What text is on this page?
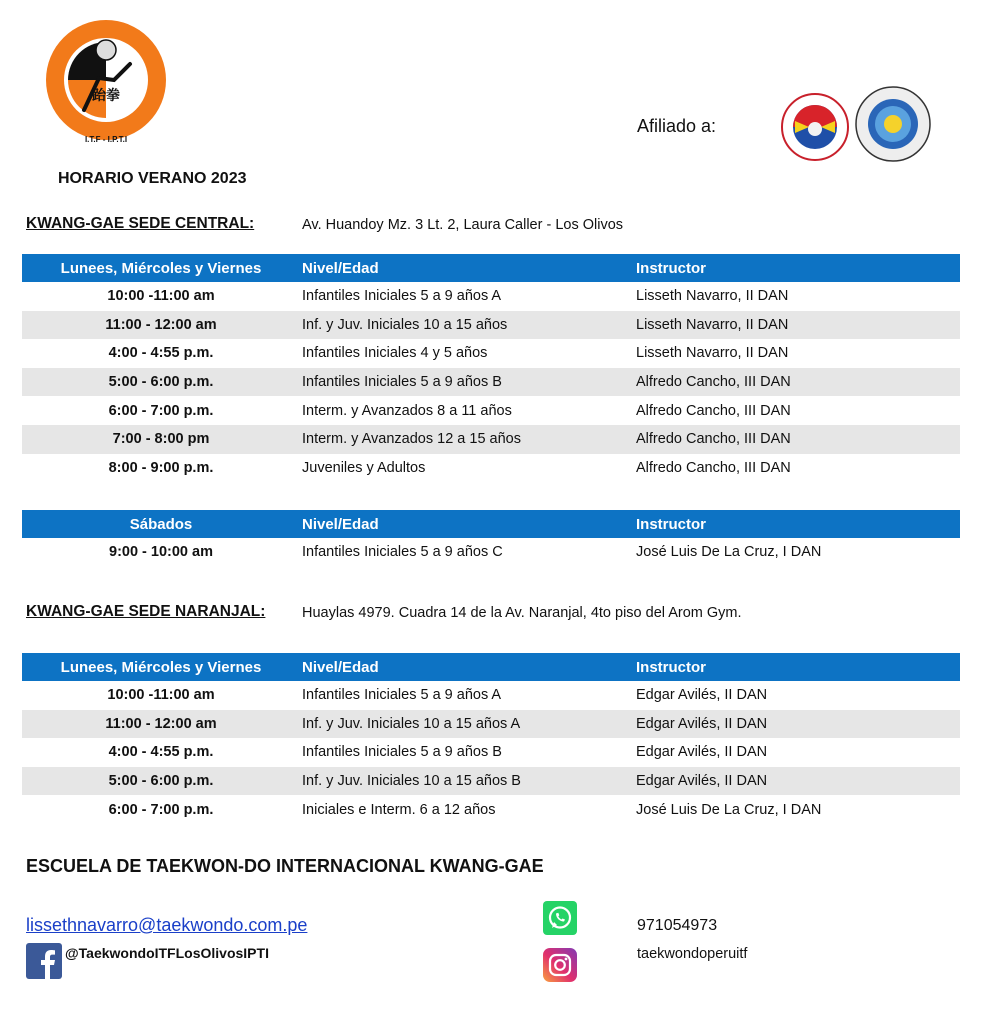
跆拳
I.T.F - I.P.T.I
Afiliado a:
HORARIO VERANO 2023
KWANG-GAE SEDE CENTRAL:	Av. Huandoy Mz. 3 Lt. 2, Laura Caller - Los Olivos
Lunees, Miércoles y Viernes	Nivel/Edad	Instructor
10:00 -11:00 am	Infantiles Iniciales 5 a 9 años A	Lisseth Navarro, II DAN
11:00 - 12:00 am	Inf. y Juv. Iniciales 10 a 15 años	Lisseth Navarro, II DAN
4:00 - 4:55 p.m.	Infantiles Iniciales 4 y 5 años	Lisseth Navarro, II DAN
5:00 - 6:00 p.m.	Infantiles Iniciales 5 a 9 años B	Alfredo Cancho, III DAN
6:00 - 7:00 p.m.	Interm. y Avanzados 8 a 11 años	Alfredo Cancho, III DAN
7:00 - 8:00 pm	Interm. y Avanzados 12 a 15 años	Alfredo Cancho, III DAN
8:00 - 9:00 p.m.	Juveniles y Adultos	Alfredo Cancho, III DAN
Sábados	Nivel/Edad	Instructor
9:00 - 10:00 am	Infantiles Iniciales 5 a 9 años C	José Luis De La Cruz, I DAN
KWANG-GAE SEDE NARANJAL:	Huaylas 4979. Cuadra 14 de la Av. Naranjal, 4to piso del Arom Gym.
Lunees, Miércoles y Viernes	Nivel/Edad	Instructor
10:00 -11:00 am	Infantiles Iniciales 5 a 9 años A	Edgar Avilés, II DAN
11:00 - 12:00 am	Inf. y Juv. Iniciales 10 a 15 años A	Edgar Avilés, II DAN
4:00 - 4:55 p.m.	Infantiles Iniciales 5 a 9 años B	Edgar Avilés, II DAN
5:00 - 6:00 p.m.	Inf. y Juv. Iniciales 10 a 15 años B	Edgar Avilés, II DAN
6:00 - 7:00 p.m.	Iniciales e Interm. 6 a 12 años	José Luis De La Cruz, I DAN
ESCUELA DE TAEKWON-DO INTERNACIONAL KWANG-GAE
lissethnavarro@taekwondo.com.pe
@TaekwondoITFLosOlivosIPTI
971054973
taekwondoperuitf
